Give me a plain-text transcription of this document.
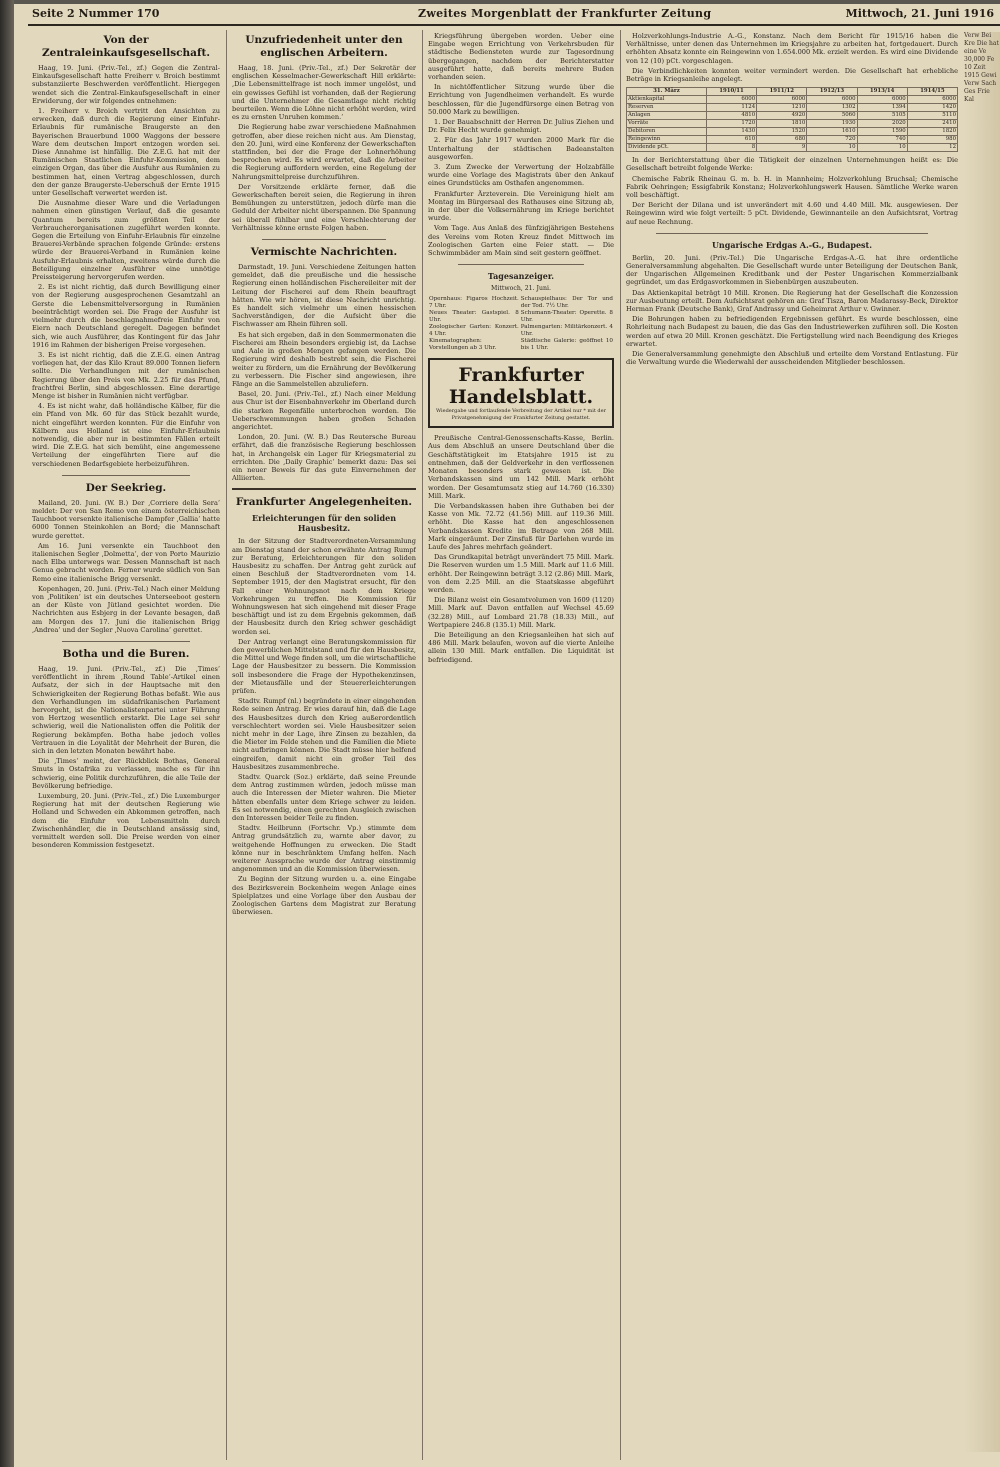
Seite 2 Nummer 170	Zweites Morgenblatt der Frankfurter Zeitung	Mittwoch, 21. Juni 1916
Von der Zentraleinkaufsgesellschaft.

Haag, 19. Juni. (Priv.-Tel., zf.) Gegen die Zentral-Einkaufsgesellschaft hatte Freiherr v. Broich bestimmt substanziierte Beschwerden veröffentlicht. Hiergegen wendet sich die Zentral-Einkaufsgesellschaft in einer Erwiderung, der wir folgendes entnehmen:

1. Freiherr v. Broich vertritt den Ansichten zu erwecken, daß durch die Regierung einer Einfuhr-Erlaubnis für rumänische Braugerste an den Bayerischen Brauerbund 1000 Waggons der bessere Ware dem deutschen Import entzogen worden sei. Diese Annahme ist hinfällig. Die Z.E.G. hat mit der Rumänischen Staatlichen Einfuhr-Kommission, dem einzigen Organ, das über die Ausfuhr aus Rumänien zu bestimmen hat, einen Vertrag abgeschlossen, durch den der ganze Braugerste-Ueberschuß der Ernte 1915 unter Gesellschaft verwertet werden ist.

Die Ausnahme dieser Ware und die Verladungen nahmen einen günstigen Verlauf, daß die gesamte Quantum bereits zum größten Teil der Verbraucherorganisationen zugeführt werden konnte. Gegen die Erteilung von Einfuhr-Erlaubnis für einzelne Brauerei-Verbände sprachen folgende Gründe: erstens würde der Brauerei-Verband in Rumänien keine Ausfuhr-Erlaubnis erhalten, zweitens würde durch die Beteiligung einzelner Ausführer eine unnötige Preissteigerung hervorgerufen werden.

2. Es ist nicht richtig, daß durch Bewilligung einer von der Regierung ausgesprochenen Gesamtzahl an Gerste die Lebensmittelversorgung in Rumänien beeinträchtigt worden sei. Die Frage der Ausfuhr ist vielmehr durch die beschlagnahmefreie Einfuhr von Eiern nach Deutschland geregelt. Dagegen befindet sich, wie auch Ausführer, das Kontingent für das Jahr 1916 im Rahmen der bisherigen Preise vorgesehen.

3. Es ist nicht richtig, daß die Z.E.G. einen Antrag vorliegen hat, der das Kilo Kraut 89.000 Tonnen liefern sollte. Die Verhandlungen mit der rumänischen Regierung über den Preis von Mk. 2.25 für das Pfund, frachtfrei Berlin, sind abgeschlossen. Eine derartige Menge ist bisher in Rumänien nicht verfügbar.

4. Es ist nicht wahr, daß holländische Kälber, für die ein Pfand von Mk. 60 für das Stück bezahlt wurde, nicht eingeführt werden konnten. Für die Einfuhr von Kälbern aus Holland ist eine Einfuhr-Erlaubnis notwendig, die aber nur in bestimmten Fällen erteilt wird. Die Z.E.G. hat sich bemüht, eine angemessene Verteilung der eingeführten Tiere auf die verschiedenen Bedarfsgebiete herbeizuführen.

Der Seekrieg.

Mailand, 20. Juni. (W. B.) Der ‚Corriere della Sera‘ meldet: Der von San Remo von einem österreichischen Tauchboot versenkte italienische Dampfer ‚Gallia‘ hatte 6000 Tonnen Steinkohlen an Bord; die Mannschaft wurde gerettet.

Am 16. Juni versenkte ein Tauchboot den italienischen Segler ‚Dolmetta‘, der von Porto Maurizio nach Elba unterwegs war. Dessen Mannschaft ist nach Genua gebracht worden. Ferner wurde südlich von San Remo eine italienische Brigg versenkt.

Kopenhagen, 20. Juni. (Priv.-Tel.) Nach einer Meldung von ‚Politiken‘ ist ein deutsches Unterseeboot gestern an der Küste von Jütland gesichtet worden. Die Nachrichten aus Esbjerg in der Levante besagen, daß am Morgen des 17. Juni die italienischen Brigg ‚Andrea‘ und der Segler ‚Nuova Carolina‘ gerettet.

Botha und die Buren.

Haag, 19. Juni. (Priv.-Tel., zf.) Die ‚Times‘ veröffentlicht in ihrem ‚Round Table‘-Artikel einen Aufsatz, der sich in der Hauptsache mit den Schwierigkeiten der Regierung Bothas befaßt. Wie aus den Verhandlungen im südafrikanischen Parlament hervorgeht, ist die Nationalistenpartei unter Führung von Hertzog wesentlich erstarkt. Die Lage sei sehr schwierig, weil die Nationalisten offen die Politik der Regierung bekämpfen. Botha habe jedoch volles Vertrauen in die Loyalität der Mehrheit der Buren, die sich in den letzten Monaten bewährt habe.

Die ‚Times‘ meint, der Rückblick Bothas, General Smuts in Ostafrika zu verlassen, mache es für ihn schwierig, eine Politik durchzuführen, die alle Teile der Bevölkerung befriedige.

Luxemburg, 20. Juni. (Priv.-Tel., zf.) Die Luxemburger Regierung hat mit der deutschen Regierung wie Holland und Schweden ein Abkommen getroffen, nach dem die Einfuhr von Lebensmitteln durch Zwischenhändler, die in Deutschland ansässig sind, vermittelt werden soll. Die Preise werden von einer besonderen Kommission festgesetzt.

Unzufriedenheit unter den englischen Arbeitern.

Haag, 18. Juni. (Priv.-Tel., zf.) Der Sekretär der englischen Kesselmacher-Gewerkschaft Hill erklärte: ‚Die Lebensmittelfrage ist noch immer ungelöst, und ein gewisses Gefühl ist vorhanden, daß der Regierung und die Unternehmer die Gesamtlage nicht richtig beurteilen. Wenn die Löhne nicht erhöht werden, wird es zu ernsten Unruhen kommen.‘

Die Regierung habe zwar verschiedene Maßnahmen getroffen, aber diese reichen nicht aus. Am Dienstag, den 20. Juni, wird eine Konferenz der Gewerkschaften stattfinden, bei der die Frage der Lohnerhöhung besprochen wird. Es wird erwartet, daß die Arbeiter die Regierung auffordern werden, eine Regelung der Nahrungsmittelpreise durchzuführen.

Der Vorsitzende erklärte ferner, daß die Gewerkschaften bereit seien, die Regierung in ihren Bemühungen zu unterstützen, jedoch dürfe man die Geduld der Arbeiter nicht überspannen. Die Spannung sei überall fühlbar und eine Verschlechterung der Verhältnisse könne ernste Folgen haben.

Vermischte Nachrichten.

Darmstadt, 19. Juni. Verschiedene Zeitungen hatten gemeldet, daß die preußische und die hessische Regierung einen holländischen Fischereileiter mit der Leitung der Fischerei auf dem Rhein beauftragt hätten. Wie wir hören, ist diese Nachricht unrichtig. Es handelt sich vielmehr um einen hessischen Sachverständigen, der die Aufsicht über die Fischwasser am Rhein führen soll.

Es hat sich ergeben, daß in den Sommermonaten die Fischerei am Rhein besonders ergiebig ist, da Lachse und Aale in großen Mengen gefangen werden. Die Regierung wird deshalb bestrebt sein, die Fischerei weiter zu fördern, um die Ernährung der Bevölkerung zu verbessern. Die Fischer sind angewiesen, ihre Fänge an die Sammelstellen abzuliefern.

Basel, 20. Juni. (Priv.-Tel., zf.) Nach einer Meldung aus Chur ist der Eisenbahnverkehr im Oberland durch die starken Regenfälle unterbrochen worden. Die Ueberschwemmungen haben großen Schaden angerichtet.

London, 20. Juni. (W. B.) Das Reutersche Bureau erfährt, daß die französische Regierung beschlossen hat, in Archangelsk ein Lager für Kriegsmaterial zu errichten. Die ‚Daily Graphic‘ bemerkt dazu: Das sei ein neuer Beweis für das gute Einvernehmen der Alliierten.

Frankfurter Angelegenheiten.
Erleichterungen für den soliden Hausbesitz.

In der Sitzung der Stadtverordneten-Versammlung am Dienstag stand der schon erwähnte Antrag Rumpf zur Beratung, Erleichterungen für den soliden Hausbesitz zu schaffen. Der Antrag geht zurück auf einen Beschluß der Stadtverordneten vom 14. September 1915, der den Magistrat ersucht, für den Fall einer Wohnungsnot nach dem Kriege Vorkehrungen zu treffen. Die Kommission für Wohnungswesen hat sich eingehend mit dieser Frage beschäftigt und ist zu dem Ergebnis gekommen, daß der Hausbesitz durch den Krieg schwer geschädigt worden sei.

Der Antrag verlangt eine Beratungskommission für den gewerblichen Mittelstand und für den Hausbesitz, die Mittel und Wege finden soll, um die wirtschaftliche Lage der Hausbesitzer zu bessern. Die Kommission soll insbesondere die Frage der Hypothekenzinsen, der Mietausfälle und der Steuererleichterungen prüfen.

Stadtv. Rumpf (nl.) begründete in einer eingehenden Rede seinen Antrag. Er wies darauf hin, daß die Lage des Hausbesitzes durch den Krieg außerordentlich verschlechtert worden sei. Viele Hausbesitzer seien nicht mehr in der Lage, ihre Zinsen zu bezahlen, da die Mieter im Felde stehen und die Familien die Miete nicht aufbringen können. Die Stadt müsse hier helfend eingreifen, damit nicht ein großer Teil des Hausbesitzes zusammenbreche.

Stadtv. Quarck (Soz.) erklärte, daß seine Freunde dem Antrag zustimmen würden, jedoch müsse man auch die Interessen der Mieter wahren. Die Mieter hätten ebenfalls unter dem Kriege schwer zu leiden. Es sei notwendig, einen gerechten Ausgleich zwischen den Interessen beider Teile zu finden.

Stadtv. Heilbrunn (Fortschr. Vp.) stimmte dem Antrag grundsätzlich zu, warnte aber davor, zu weitgehende Hoffnungen zu erwecken. Die Stadt könne nur in beschränktem Umfang helfen. Nach weiterer Aussprache wurde der Antrag einstimmig angenommen und an die Kommission überwiesen.

Zu Beginn der Sitzung wurden u. a. eine Eingabe des Bezirksverein Bockenheim wegen Anlage eines Spielplatzes und eine Vorlage über den Ausbau der Zoologischen Gartens dem Magistrat zur Beratung überwiesen.

Kriegsführung übergeben worden. Ueber eine Eingabe wegen Errichtung von Verkehrsbuden für städtische Bediensteten wurde zur Tagesordnung übergegangen, nachdem der Berichterstatter ausgeführt hatte, daß bereits mehrere Buden vorhanden seien.

In nichtöffentlicher Sitzung wurde über die Errichtung von Jugendheimen verhandelt. Es wurde beschlossen, für die Jugendfürsorge einen Betrag von 50.000 Mark zu bewilligen.

1. Der Bauabschnitt der Herren Dr. Julius Ziehen und Dr. Felix Hecht wurde genehmigt.

2. Für das Jahr 1917 wurden 2000 Mark für die Unterhaltung der städtischen Badeanstalten ausgeworfen.

3. Zum Zwecke der Verwertung der Holzabfälle wurde eine Vorlage des Magistrats über den Ankauf eines Grundstücks am Osthafen angenommen.

Frankfurter Ärzteverein. Die Vereinigung hielt am Montag im Bürgersaal des Rathauses eine Sitzung ab, in der über die Volksernährung im Kriege berichtet wurde.

Vom Tage. Aus Anlaß des fünfzigjährigen Bestehens des Vereins vom Roten Kreuz findet Mittwoch im Zoologischen Garten eine Feier statt. — Die Schwimmbäder am Main sind seit gestern geöffnet.

Tagesanzeiger.
Mittwoch, 21. Juni.
Opernhaus: Figaros Hochzeit. 7 Uhr.	Schauspielhaus: Der Tor und der Tod. 7½ Uhr.
Neues Theater: Gastspiel. 8 Uhr.	Schumann-Theater: Operette. 8 Uhr.
Zoologischer Garten: Konzert. 4 Uhr.	Palmengarten: Militärkonzert. 4 Uhr.
Kinematographen: Vorstellungen ab 3 Uhr.	Städtische Galerie: geöffnet 10 bis 1 Uhr.
Frankfurter Handelsblatt.
Wiedergabe und fortlaufende Verbreitung der Artikel nur * mit der Privatgenehmigung der Frankfurter Zeitung gestattet.

Preußische Central-Genossenschafts-Kasse, Berlin. Aus dem Abschluß an unsere Deutschland über die Geschäftstätigkeit im Etatsjahre 1915 ist zu entnehmen, daß der Geldverkehr in den verflossenen Monaten besonders stark gewesen ist. Die Verbandskassen sind um 142 Mill. Mark erhöht worden. Der Gesamtumsatz stieg auf 14.760 (16.330) Mill. Mark.

Die Verbandskassen haben ihre Guthaben bei der Kasse von Mk. 72.72 (41.56) Mill. auf 119.36 Mill. erhöht. Die Kasse hat den angeschlossenen Verbandskassen Kredite im Betrage von 268 Mill. Mark eingeräumt. Der Zinsfuß für Darlehen wurde im Laufe des Jahres mehrfach geändert.

Das Grundkapital beträgt unverändert 75 Mill. Mark. Die Reserven wurden um 1.5 Mill. Mark auf 11.6 Mill. erhöht. Der Reingewinn beträgt 3.12 (2.86) Mill. Mark, von dem 2.25 Mill. an die Staatskasse abgeführt werden.

Die Bilanz weist ein Gesamtvolumen von 1609 (1120) Mill. Mark auf. Davon entfallen auf Wechsel 45.69 (32.28) Mill., auf Lombard 21.78 (18.33) Mill., auf Wertpapiere 246.8 (135.1) Mill. Mark.

Die Beteiligung an den Kriegsanleihen hat sich auf 486 Mill. Mark belaufen, wovon auf die vierte Anleihe allein 130 Mill. Mark entfallen. Die Liquidität ist befriedigend.

Holzverkohlungs-Industrie A.-G., Konstanz. Nach dem Bericht für 1915/16 haben die Verhältnisse, unter denen das Unternehmen im Kriegsjahre zu arbeiten hat, fortgedauert. Durch erhöhten Absatz konnte ein Reingewinn von 1.654.000 Mk. erzielt werden. Es wird eine Dividende von 12 (10) pCt. vorgeschlagen.

Die Verbindlichkeiten konnten weiter vermindert werden. Die Gesellschaft hat erhebliche Beträge in Kriegsanleihe angelegt.

31. März	1910/11	1911/12	1912/13	1913/14	1914/15
Aktienkapital	6000	6000	6000	6000	6000
Reserven	1124	1210	1302	1394	1420
Anlagen	4810	4920	5060	5105	5110
Vorräte	1720	1810	1930	2020	2410
Debitoren	1430	1520	1610	1590	1820
Reingewinn	610	680	720	740	980
Dividende pCt.	8	9	10	10	12

In der Berichterstattung über die Tätigkeit der einzelnen Unternehmungen heißt es: Die Gesellschaft betreibt folgende Werke:

Chemische Fabrik Rheinau G. m. b. H. in Mannheim; Holzverkohlung Bruchsal; Chemische Fabrik Oehringen; Essigfabrik Konstanz; Holzverkohlungswerk Hausen. Sämtliche Werke waren voll beschäftigt.

Der Bericht der Dilana und ist unverändert mit 4.60 und 4.40 Mill. Mk. ausgewiesen. Der Reingewinn wird wie folgt verteilt: 5 pCt. Dividende, Gewinnanteile an den Aufsichtsrat, Vortrag auf neue Rechnung.

Ungarische Erdgas A.-G., Budapest.

Berlin, 20. Juni. (Priv.-Tel.) Die Ungarische Erdgas-A.-G. hat ihre ordentliche Generalversammlung abgehalten. Die Gesellschaft wurde unter Beteiligung der Deutschen Bank, der Ungarischen Allgemeinen Kreditbank und der Pester Ungarischen Kommerzialbank gegründet, um das Erdgasvorkommen in Siebenbürgen auszubeuten.

Das Aktienkapital beträgt 10 Mill. Kronen. Die Regierung hat der Gesellschaft die Konzession zur Ausbeutung erteilt. Dem Aufsichtsrat gehören an: Graf Tisza, Baron Madarassy-Beck, Direktor Herman Frank (Deutsche Bank), Graf Andrassy und Geheimrat Arthur v. Gwinner.

Die Bohrungen haben zu befriedigenden Ergebnissen geführt. Es wurde beschlossen, eine Rohrleitung nach Budapest zu bauen, die das Gas den Industriewerken zuführen soll. Die Kosten werden auf etwa 20 Mill. Kronen geschätzt. Die Fertigstellung wird nach Beendigung des Krieges erwartet.

Die Generalversammlung genehmigte den Abschluß und erteilte dem Vorstand Entlastung. Für die Verwaltung wurde die Wiederwahl der ausscheidenden Mitglieder beschlossen.

Verw Bei Kre Die hat eine Ve 30,000 Fe 10 Zeit 1915 Gewi Verw Sach Ges Frie Kal
